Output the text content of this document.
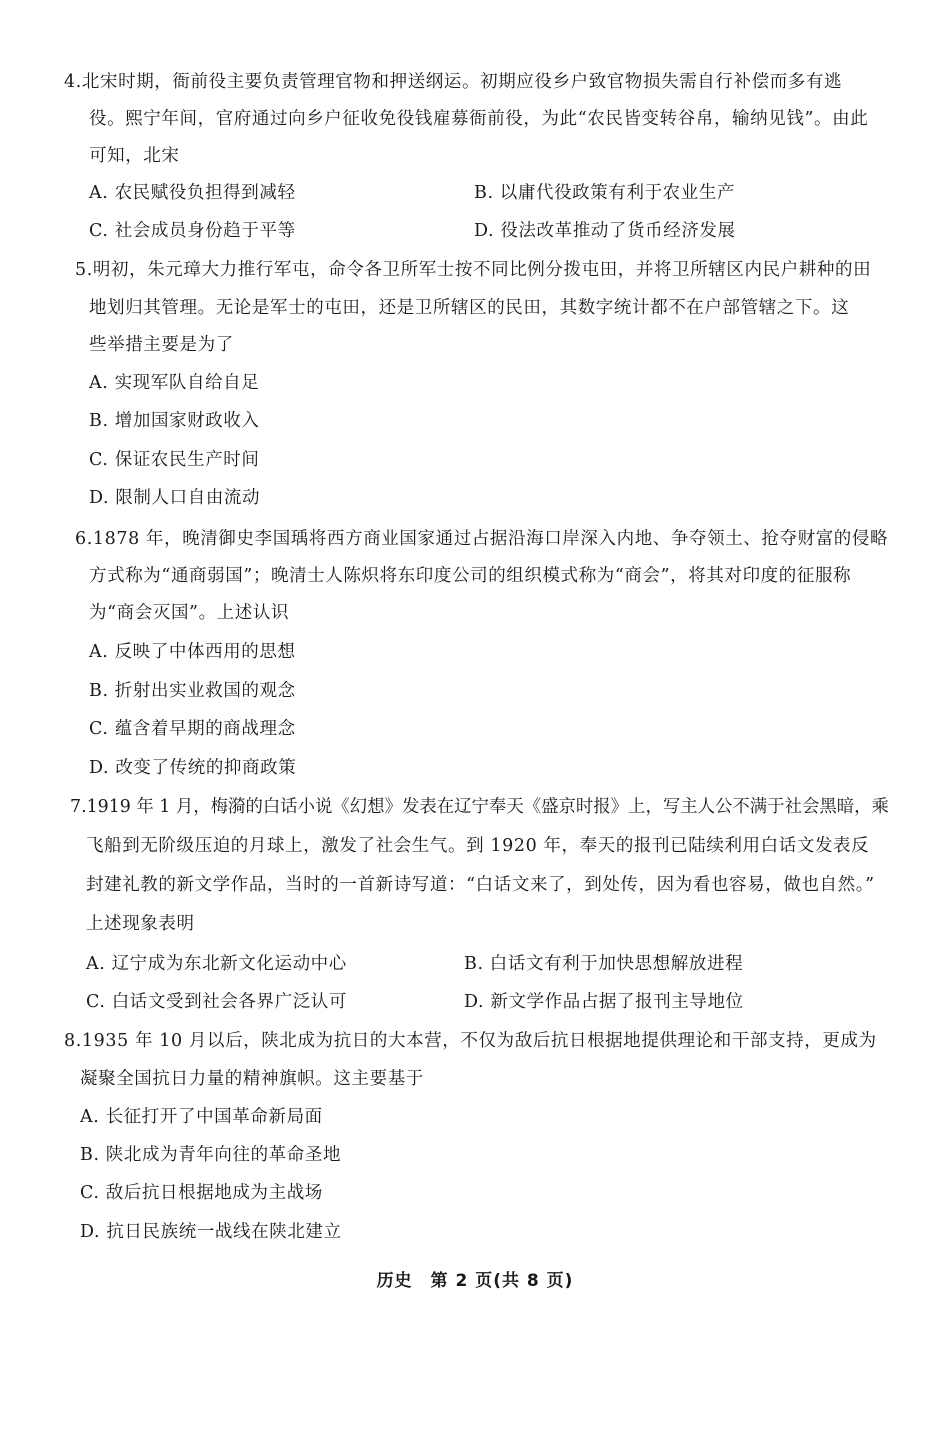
4.北宋时期，衙前役主要负责管理官物和押送纲运。初期应役乡户致官物损失需自行补偿而多有逃
役。熙宁年间，官府通过向乡户征收免役钱雇募衙前役，为此“农民皆变转谷帛，输纳见钱”。由此
可知，北宋
A. 农民赋役负担得到减轻	B. 以庸代役政策有利于农业生产
C. 社会成员身份趋于平等	D. 役法改革推动了货币经济发展
5.明初，朱元璋大力推行军屯，命令各卫所军士按不同比例分拨屯田，并将卫所辖区内民户耕种的田
地划归其管理。无论是军士的屯田，还是卫所辖区的民田，其数字统计都不在户部管辖之下。这
些举措主要是为了
A. 实现军队自给自足
B. 增加国家财政收入
C. 保证农民生产时间
D. 限制人口自由流动
6.1878 年，晚清御史李国瑀将西方商业国家通过占据沿海口岸深入内地、争夺领土、抢夺财富的侵略
方式称为“通商弱国”；晚清士人陈炽将东印度公司的组织模式称为“商会”，将其对印度的征服称
为“商会灭国”。上述认识
A. 反映了中体西用的思想
B. 折射出实业救国的观念
C. 蕴含着早期的商战理念
D. 改变了传统的抑商政策
7.1919 年 1 月，梅漪的白话小说《幻想》发表在辽宁奉天《盛京时报》上，写主人公不满于社会黑暗，乘
飞船到无阶级压迫的月球上，激发了社会生气。到 1920 年，奉天的报刊已陆续利用白话文发表反
封建礼教的新文学作品，当时的一首新诗写道：“白话文来了，到处传，因为看也容易，做也自然。”
上述现象表明
A. 辽宁成为东北新文化运动中心	B. 白话文有利于加快思想解放进程
C. 白话文受到社会各界广泛认可	D. 新文学作品占据了报刊主导地位
8.1935 年 10 月以后，陕北成为抗日的大本营，不仅为敌后抗日根据地提供理论和干部支持，更成为
凝聚全国抗日力量的精神旗帜。这主要基于
A. 长征打开了中国革命新局面
B. 陕北成为青年向往的革命圣地
C. 敌后抗日根据地成为主战场
D. 抗日民族统一战线在陕北建立
历史　第 2 页(共 8 页)
